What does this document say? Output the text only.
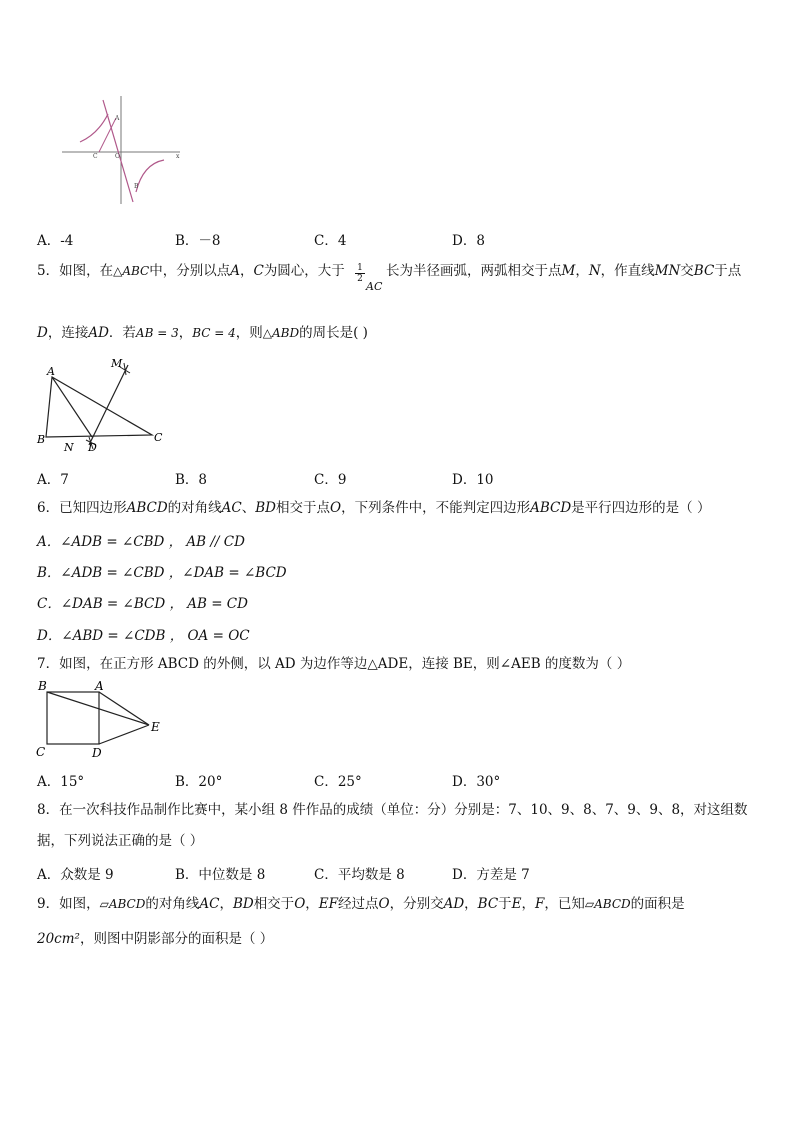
A
C	O
B
x
A．-4	B．－8	C．4	D．8
5．如图，在△ABC中，分别以点A，C为圆心，大于 $\frac{1}{2}$
AC
长为半径画弧，两弧相交于点M，N，作直线MN交BC于点
D，连接AD．若AB = 3，BC = 4，则△ABD的周长是( )
A
B	C
D
M
N
A．7	B．8	C．9	D．10
6．已知四边形ABCD的对角线AC、BD相交于点O，下列条件中，不能判定四边形ABCD是平行四边形的是（ ）
A．∠ADB = ∠CBD ， AB // CD
B．∠ADB = ∠CBD ，∠DAB = ∠BCD
C．∠DAB = ∠BCD ， AB = CD
D．∠ABD = ∠CDB ， OA = OC
7．如图，在正方形 ABCD 的外侧，以 AD 为边作等边△ADE，连接 BE，则∠AEB 的度数为（ ）
B	A
C	D
E
A．15°	B．20°	C．25°	D．30°
8．在一次科技作品制作比赛中，某小组 8 件作品的成绩（单位：分）分别是：7、10、9、8、7、9、9、8，对这组数
据，下列说法正确的是（ ）
A．众数是 9	B．中位数是 8	C．平均数是 8	D．方差是 7
9．如图，▱ABCD的对角线AC，BD相交于O，EF经过点O，分别交AD，BC于E，F，已知▱ABCD的面积是
20cm²，则图中阴影部分的面积是（ ）
